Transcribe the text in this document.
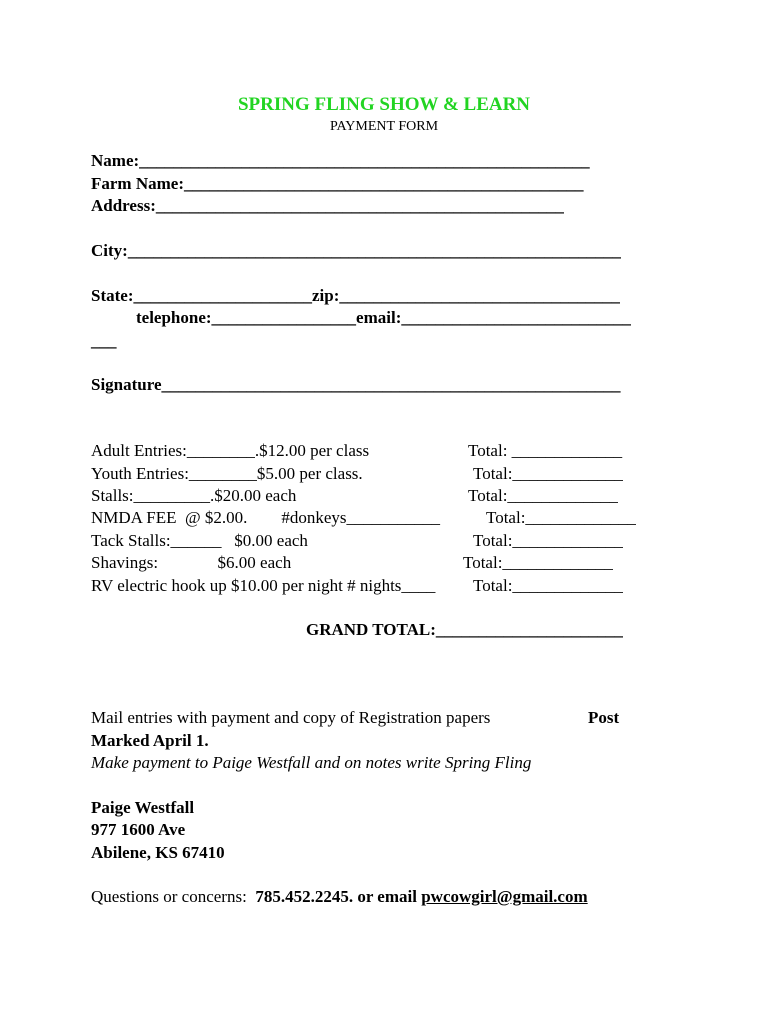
SPRING FLING SHOW & LEARN
PAYMENT FORM
Name:_____________________________________________________
Farm Name:_______________________________________________
Address:________________________________________________
City:__________________________________________________________
State:_____________________zip:_________________________________
telephone:_________________email:___________________________
___
Signature______________________________________________________
Adult Entries:________.$12.00 per class	Total: _____________
Youth Entries:________$5.00 per class.	Total:_____________
Stalls:_________.$20.00 each	Total:_____________
NMDA FEE  @ $2.00.        #donkeys___________	Total:_____________
Tack Stalls:______   $0.00 each	Total:_____________
Shavings:              $6.00 each	Total:_____________
RV electric hook up $10.00 per night # nights____ Total:_____________
GRAND TOTAL:______________________
Mail entries with payment and copy of Registration papers	Post
Marked April 1.
Make payment to Paige Westfall and on notes write Spring Fling
Paige Westfall
977 1600 Ave
Abilene, KS 67410
Questions or concerns: 785.452.2245. or email pwcowgirl@gmail.com
